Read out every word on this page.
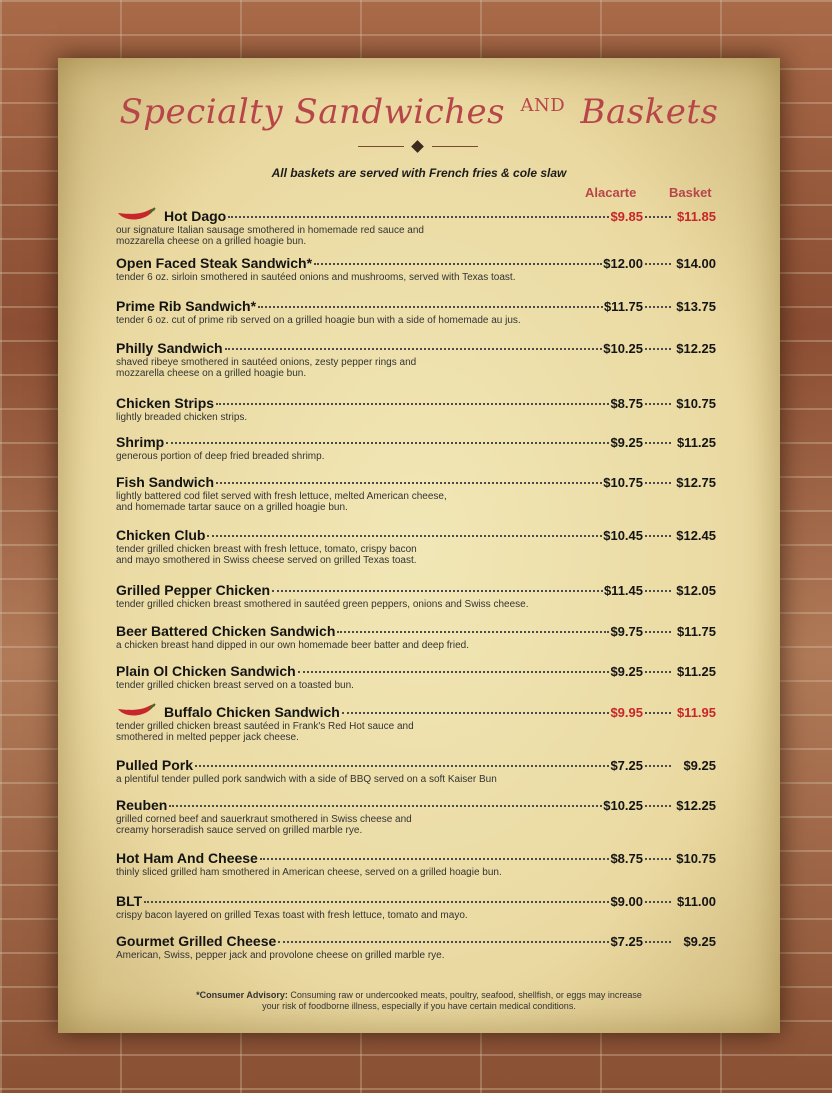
Specialty Sandwiches $^{AND}$ Baskets
All baskets are served with French fries & cole slaw
Alacarte	Basket
Hot Dago	$9.85	$11.85
our signature Italian sausage smothered in homemade red sauce and
mozzarella cheese on a grilled hoagie bun.
Open Faced Steak Sandwich*	$12.00	$14.00
tender 6 oz. sirloin smothered in sautéed onions and mushrooms, served with Texas toast.
Prime Rib Sandwich*	$11.75	$13.75
tender 6 oz. cut of prime rib served on a grilled hoagie bun with a side of homemade au jus.
Philly Sandwich	$10.25	$12.25
shaved ribeye smothered in sautéed onions, zesty pepper rings and
mozzarella cheese on a grilled hoagie bun.
Chicken Strips	$8.75	$10.75
lightly breaded chicken strips.
Shrimp	$9.25	$11.25
generous portion of deep fried breaded shrimp.
Fish Sandwich	$10.75	$12.75
lightly battered cod filet served with fresh lettuce, melted American cheese,
and homemade tartar sauce on a grilled hoagie bun.
Chicken Club	$10.45	$12.45
tender grilled chicken breast with fresh lettuce, tomato, crispy bacon
and mayo smothered in Swiss cheese served on grilled Texas toast.
Grilled Pepper Chicken	$11.45	$12.05
tender grilled chicken breast smothered in sautéed green peppers, onions and Swiss cheese.
Beer Battered Chicken Sandwich	$9.75	$11.75
a chicken breast hand dipped in our own homemade beer batter and deep fried.
Plain Ol Chicken Sandwich	$9.25	$11.25
tender grilled chicken breast served on a toasted bun.
Buffalo Chicken Sandwich	$9.95	$11.95
tender grilled chicken breast sautéed in Frank's Red Hot sauce and
smothered in melted pepper jack cheese.
Pulled Pork	$7.25	$9.25
a plentiful tender pulled pork sandwich with a side of BBQ served on a soft Kaiser Bun
Reuben	$10.25	$12.25
grilled corned beef and sauerkraut smothered in Swiss cheese and
creamy horseradish sauce served on grilled marble rye.
Hot Ham And Cheese	$8.75	$10.75
thinly sliced grilled ham smothered in American cheese, served on a grilled hoagie bun.
BLT	$9.00	$11.00
crispy bacon layered on grilled Texas toast with fresh lettuce, tomato and mayo.
Gourmet Grilled Cheese	$7.25	$9.25
American, Swiss, pepper jack and provolone cheese on grilled marble rye.
*Consumer Advisory: Consuming raw or undercooked meats, poultry, seafood, shellfish, or eggs may increase
your risk of foodborne illness, especially if you have certain medical conditions.
